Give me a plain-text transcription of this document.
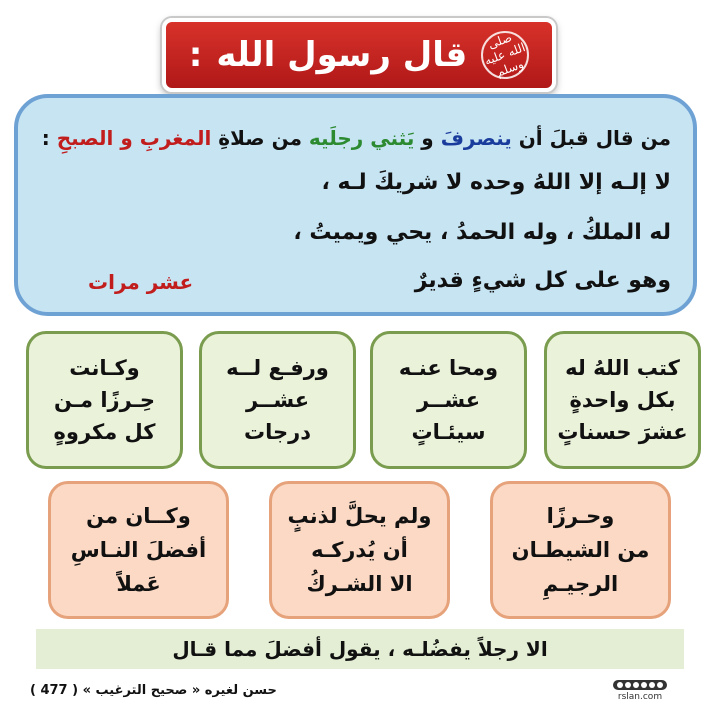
صلى الله عليه وسلم
قال رسول الله
:
من قال قبلَ أن ينصرفَ و يَثني رجلَيه من صلاةِ المغربِ و الصبحِ :
لا إلـه إلا اللهُ وحده لا شريكَ لـه ،
له الملكُ ، وله الحمدُ ، يحي ويميتُ ،
وهو على كل شيءٍ قديرٌ
عشر مرات
كتب اللهُ له
بكل واحدةٍ
عشرَ حسناتٍ
ومحا عنـه
عشــر
سيئـاتٍ
ورفـع لــه
عشــر
درجات
وكـانت
حِـرزًا مـن
كل مكروهٍ
وحـرزًا
من الشيطـان
الرجيـمِ
ولم يحلَّ لذنبٍ
أن يُدركـه
الا الشـركُ
وكــان من
أفضلَ النـاسِ
عَملاً
الا رجلاً يفضُلـه ، يقول أفضلَ مما قـال
حسن لغيره « صحيح الترغيب » ( 477 )	rslan.com
